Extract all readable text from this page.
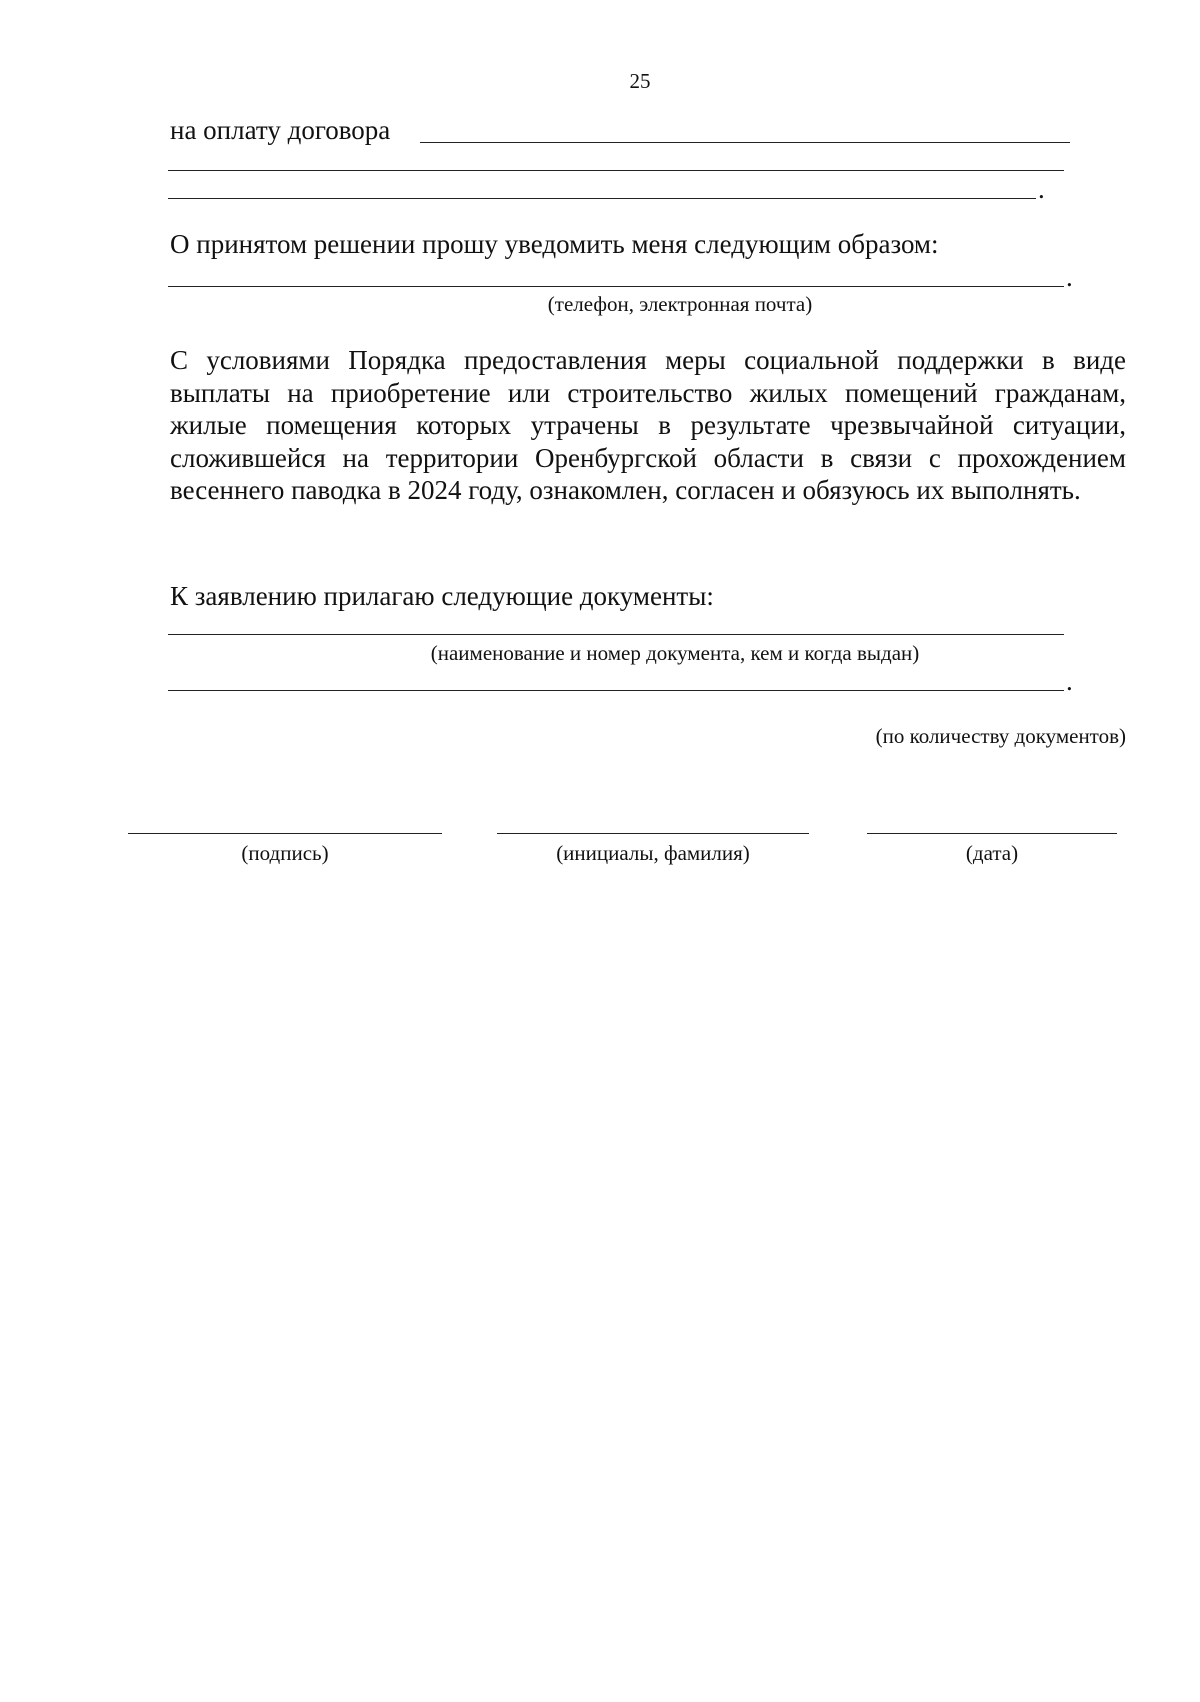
25
на оплату договора
.
О принятом решении прошу уведомить меня следующим образом:
.
(телефон, электронная почта)
С условиями Порядка предоставления меры социальной поддержки в виде выплаты на приобретение или строительство жилых помещений гражданам, жилые помещения которых утрачены в результате чрезвычайной ситуации, сложившейся на территории Оренбургской области в связи с прохождением весеннего паводка в 2024 году, ознакомлен, согласен и обязуюсь их выполнять.
К заявлению прилагаю следующие документы:
(наименование и номер документа, кем и когда выдан)
.
(по количеству документов)
(подпись)	(инициалы, фамилия)	(дата)
